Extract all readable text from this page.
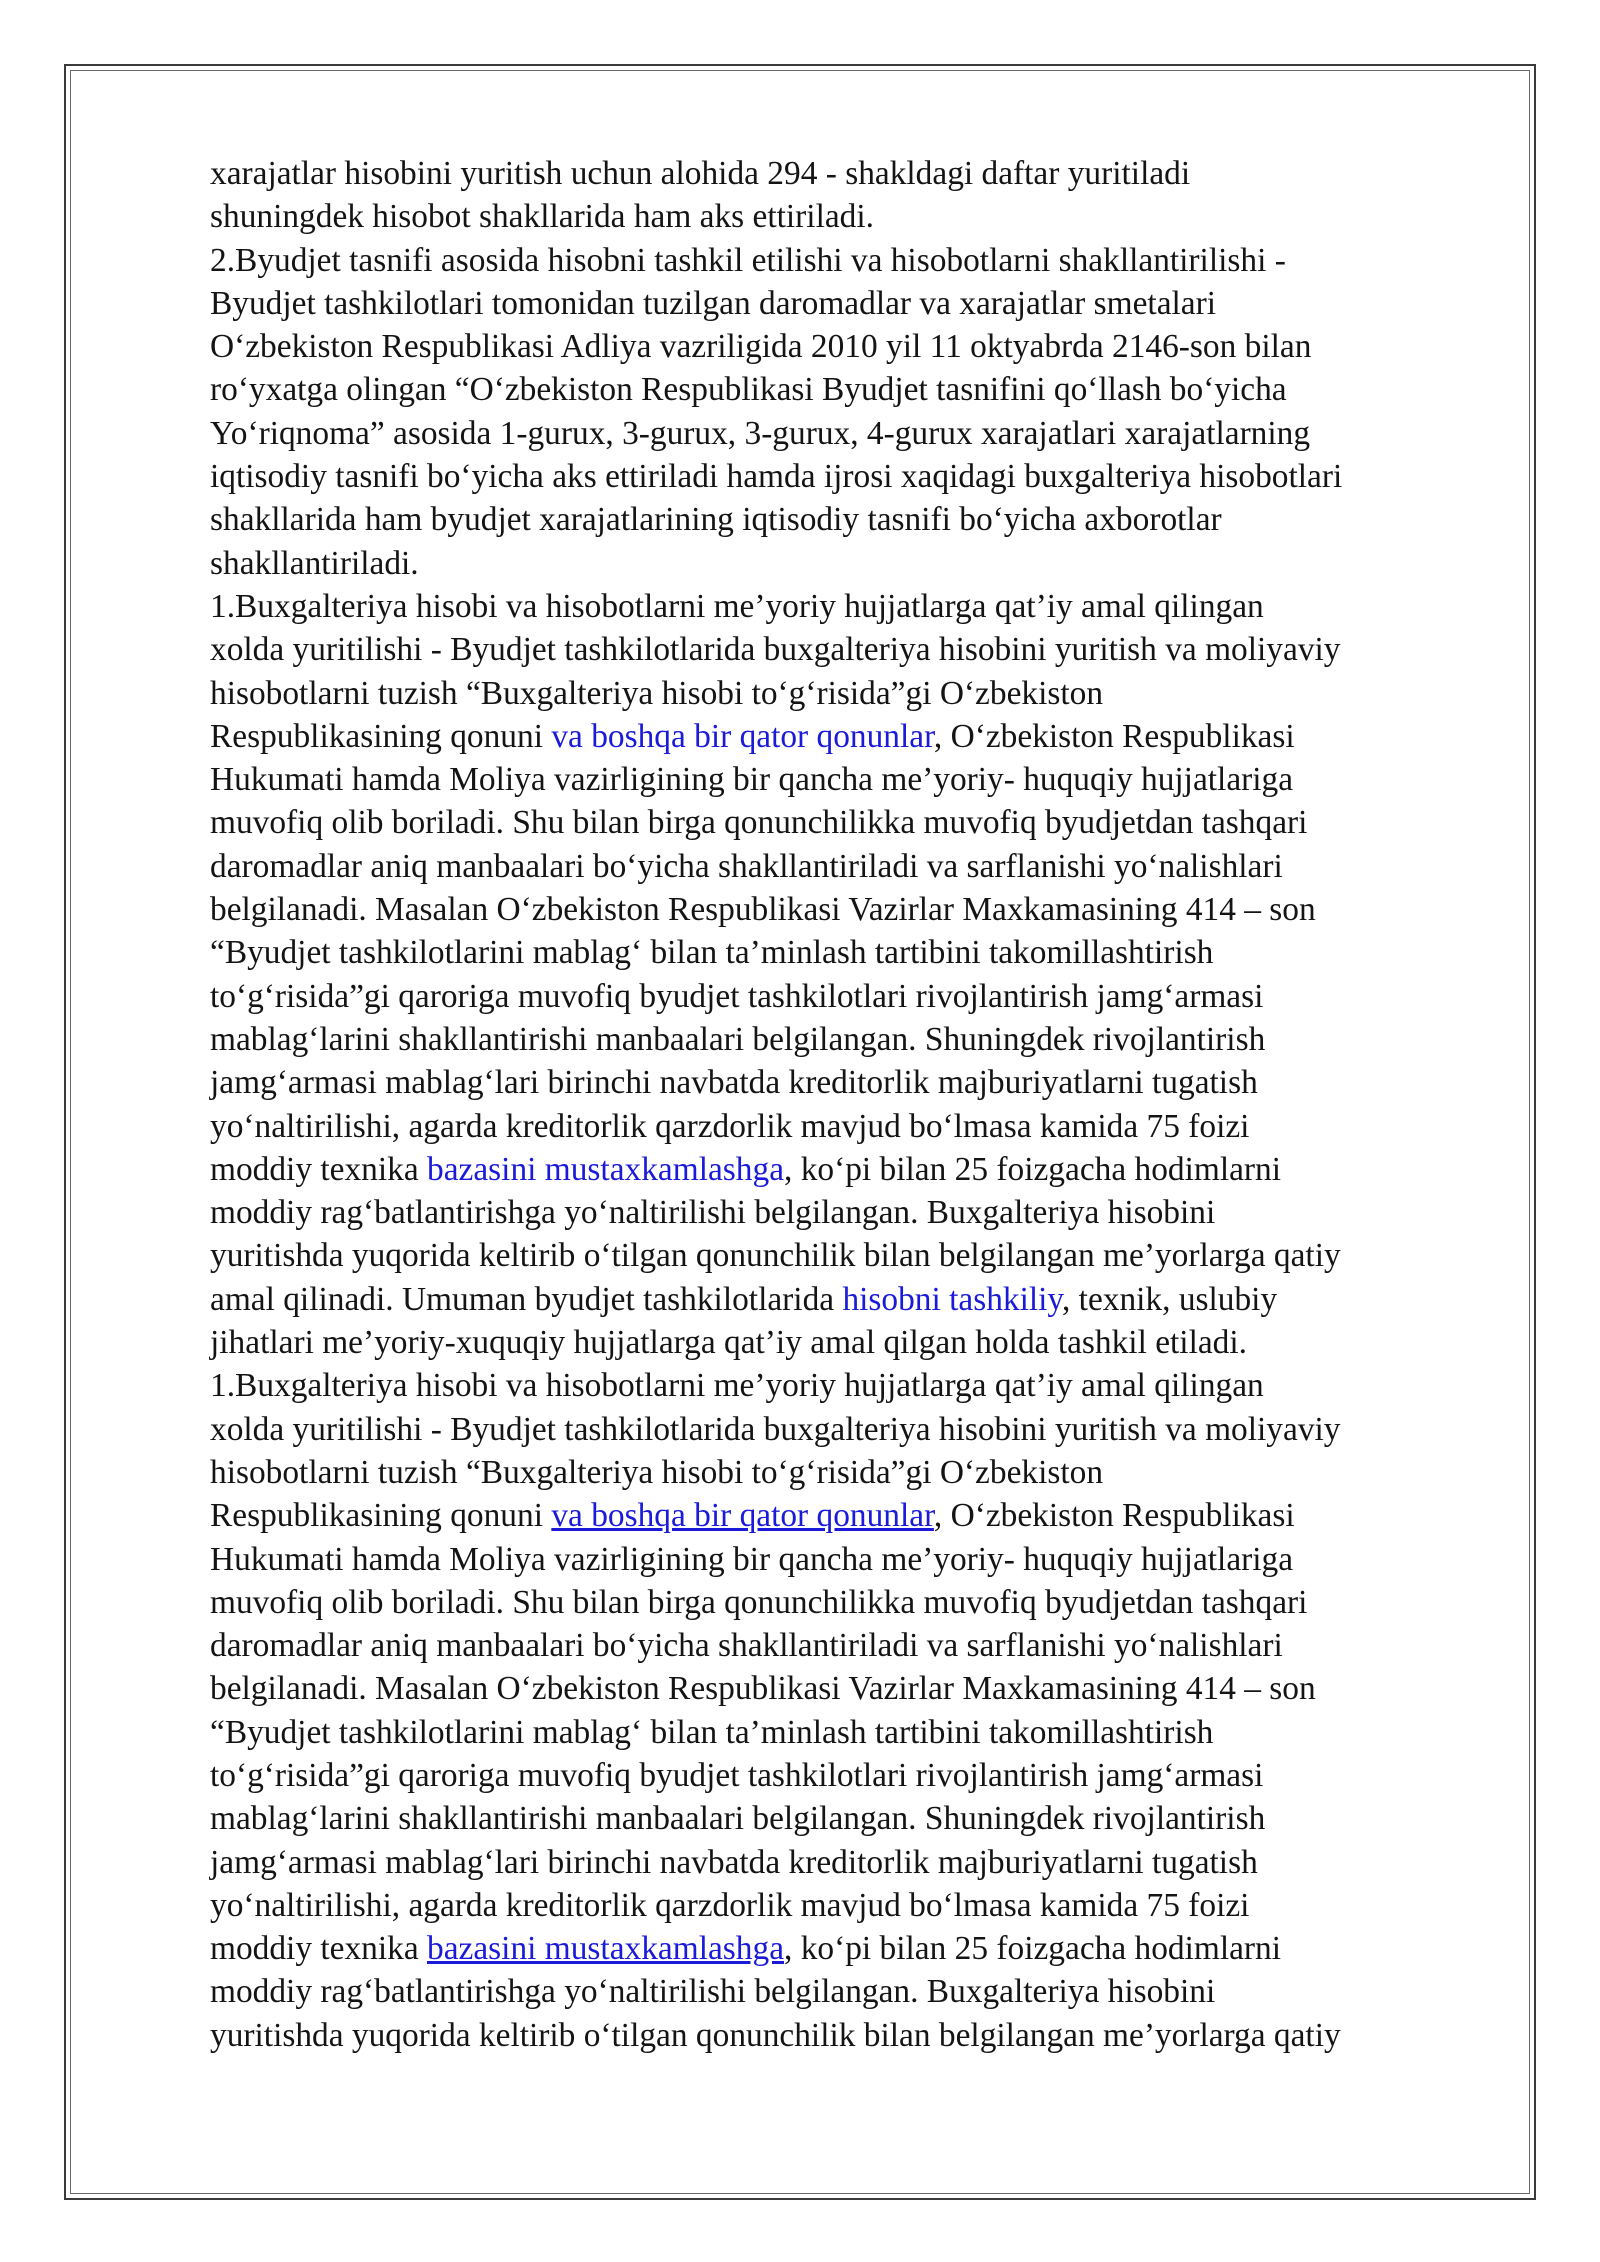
xarajatlar hisobini yuritish uchun alohida 294 - shakldagi daftar yuritiladi
shuningdek hisobot shakllarida ham aks ettiriladi.
2.Byudjet tasnifi asosida hisobni tashkil etilishi va hisobotlarni shakllantirilishi -
Byudjet tashkilotlari tomonidan tuzilgan daromadlar va xarajatlar smetalari
O‘zbekiston Respublikasi Adliya vazriligida 2010 yil 11 oktyabrda 2146-son bilan
ro‘yxatga olingan “O‘zbekiston Respublikasi Byudjet tasnifini qo‘llash bo‘yicha
Yo‘riqnoma” asosida 1-gurux, 3-gurux, 3-gurux, 4-gurux xarajatlari xarajatlarning
iqtisodiy tasnifi bo‘yicha aks ettiriladi hamda ijrosi xaqidagi buxgalteriya hisobotlari
shakllarida ham byudjet xarajatlarining iqtisodiy tasnifi bo‘yicha axborotlar
shakllantiriladi.
1.Buxgalteriya hisobi va hisobotlarni me’yoriy hujjatlarga qat’iy amal qilingan
xolda yuritilishi - Byudjet tashkilotlarida buxgalteriya hisobini yuritish va moliyaviy
hisobotlarni tuzish “Buxgalteriya hisobi to‘g‘risida”gi O‘zbekiston
Respublikasining qonuni va boshqa bir qator qonunlar, O‘zbekiston Respublikasi
Hukumati hamda Moliya vazirligining bir qancha me’yoriy- huquqiy hujjatlariga
muvofiq olib boriladi. Shu bilan birga qonunchilikka muvofiq byudjetdan tashqari
daromadlar aniq manbaalari bo‘yicha shakllantiriladi va sarflanishi yo‘nalishlari
belgilanadi. Masalan O‘zbekiston Respublikasi Vazirlar Maxkamasining 414 – son
“Byudjet tashkilotlarini mablag‘ bilan ta’minlash tartibini takomillashtirish
to‘g‘risida”gi qaroriga muvofiq byudjet tashkilotlari rivojlantirish jamg‘armasi
mablag‘larini shakllantirishi manbaalari belgilangan. Shuningdek rivojlantirish
jamg‘armasi mablag‘lari birinchi navbatda kreditorlik majburiyatlarni tugatish
yo‘naltirilishi, agarda kreditorlik qarzdorlik mavjud bo‘lmasa kamida 75 foizi
moddiy texnika bazasini mustaxkamlashga, ko‘pi bilan 25 foizgacha hodimlarni
moddiy rag‘batlantirishga yo‘naltirilishi belgilangan. Buxgalteriya hisobini
yuritishda yuqorida keltirib o‘tilgan qonunchilik bilan belgilangan me’yorlarga qatiy
amal qilinadi. Umuman byudjet tashkilotlarida hisobni tashkiliy, texnik, uslubiy
jihatlari me’yoriy-xuquqiy hujjatlarga qat’iy amal qilgan holda tashkil etiladi.
1.Buxgalteriya hisobi va hisobotlarni me’yoriy hujjatlarga qat’iy amal qilingan
xolda yuritilishi - Byudjet tashkilotlarida buxgalteriya hisobini yuritish va moliyaviy
hisobotlarni tuzish “Buxgalteriya hisobi to‘g‘risida”gi O‘zbekiston
Respublikasining qonuni va boshqa bir qator qonunlar, O‘zbekiston Respublikasi
Hukumati hamda Moliya vazirligining bir qancha me’yoriy- huquqiy hujjatlariga
muvofiq olib boriladi. Shu bilan birga qonunchilikka muvofiq byudjetdan tashqari
daromadlar aniq manbaalari bo‘yicha shakllantiriladi va sarflanishi yo‘nalishlari
belgilanadi. Masalan O‘zbekiston Respublikasi Vazirlar Maxkamasining 414 – son
“Byudjet tashkilotlarini mablag‘ bilan ta’minlash tartibini takomillashtirish
to‘g‘risida”gi qaroriga muvofiq byudjet tashkilotlari rivojlantirish jamg‘armasi
mablag‘larini shakllantirishi manbaalari belgilangan. Shuningdek rivojlantirish
jamg‘armasi mablag‘lari birinchi navbatda kreditorlik majburiyatlarni tugatish
yo‘naltirilishi, agarda kreditorlik qarzdorlik mavjud bo‘lmasa kamida 75 foizi
moddiy texnika bazasini mustaxkamlashga, ko‘pi bilan 25 foizgacha hodimlarni
moddiy rag‘batlantirishga yo‘naltirilishi belgilangan. Buxgalteriya hisobini
yuritishda yuqorida keltirib o‘tilgan qonunchilik bilan belgilangan me’yorlarga qatiy
